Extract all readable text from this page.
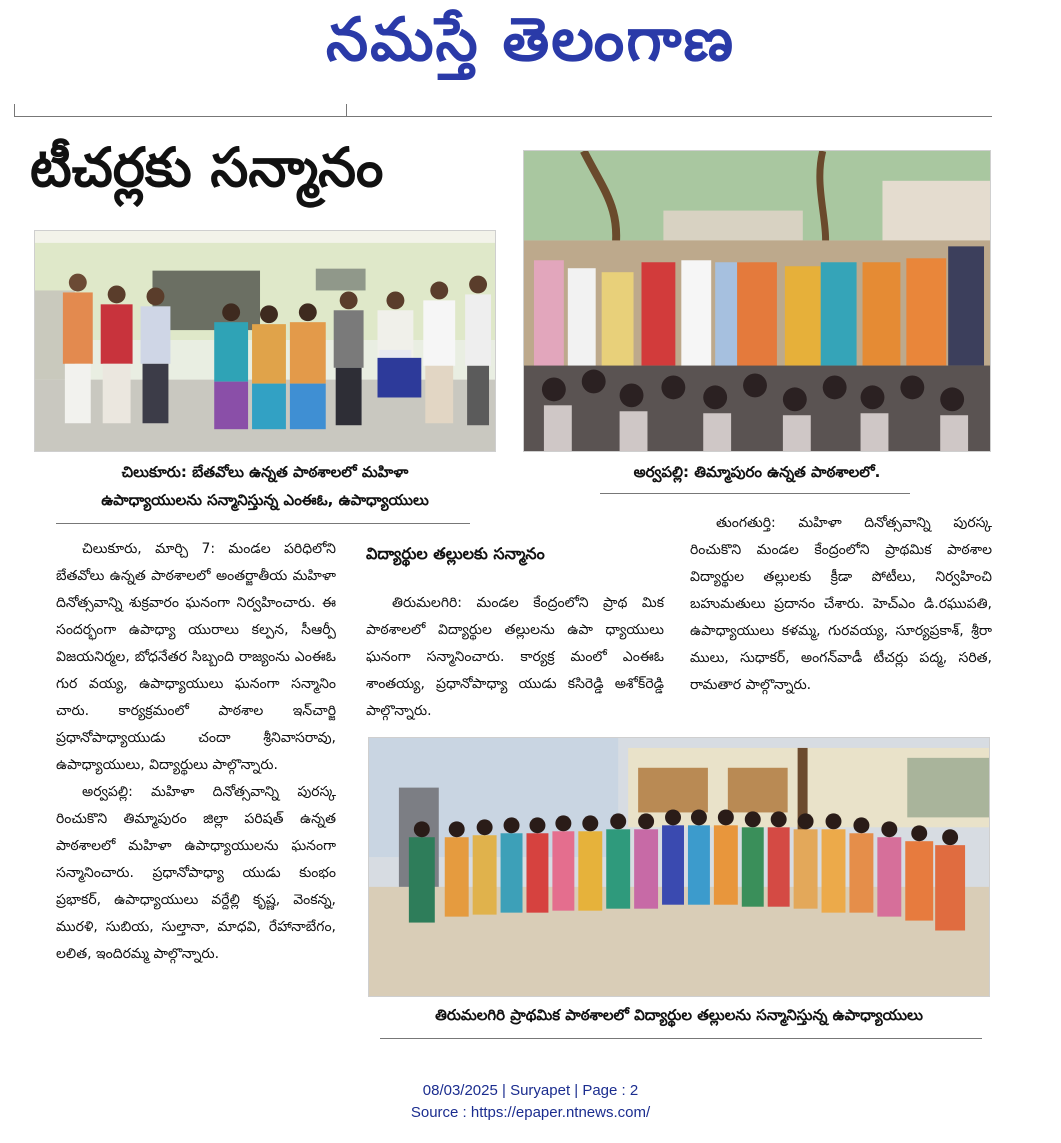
నమస్తే తెలంగాణ
టీచర్లకు సన్మానం
చిలుకూరు: బేతవోలు ఉన్నత పాఠశాలలో మహిళా
ఉపాధ్యాయులను సన్మానిస్తున్న ఎంఈఓ, ఉపాధ్యాయులు
అర్వపల్లి: తిమ్మాపురం ఉన్నత పాఠశాలలో.

చిలుకూరు, మార్చి 7: మండల పరిధిలోని బేతవోలు ఉన్నత పాఠశాలలో అంతర్జాతీయ మహిళా దినోత్సవాన్ని శుక్రవారం ఘనంగా నిర్వహించారు. ఈ సందర్భంగా ఉపాధ్యా యురాలు కల్పన, సీఆర్పీ విజయనిర్మల, బోధనేతర సిబ్బంది రాజ్యంను ఎంఈఓ గుర వయ్య, ఉపాధ్యాయులు ఘనంగా సన్మానిం చారు. కార్యక్రమంలో పాఠశాల ఇన్‌చార్జి ప్రధానోపాధ్యాయుడు చందా శ్రీనివాసరావు, ఉపాధ్యాయులు, విద్యార్థులు పాల్గొన్నారు.

అర్వపల్లి: మహిళా దినోత్సవాన్ని పురస్క రించుకొని తిమ్మాపురం జిల్లా పరిషత్ ఉన్నత పాఠశాలలో మహిళా ఉపాధ్యాయులను ఘనంగా సన్మానించారు. ప్రధానోపాధ్యా యుడు కుంభం ప్రభాకర్, ఉపాధ్యాయులు వర్దేల్లి కృష్ణ, వెంకన్న, మురళి, సుబియ, సుల్తానా, మాధవి, రేహానాబేగం, లలిత, ఇందిరమ్మ పాల్గొన్నారు.

విద్యార్థుల తల్లులకు సన్మానం

తిరుమలగిరి: మండల కేంద్రంలోని ప్రాథ మిక పాఠశాలలో విద్యార్థుల తల్లులను ఉపా ధ్యాయులు ఘనంగా సన్మానించారు. కార్యక్ర మంలో ఎంఈఓ శాంతయ్య, ప్రధానోపాధ్యా యుడు కసిరెడ్డి అశోక్‌రెడ్డి పాల్గొన్నారు.

తుంగతుర్తి: మహిళా దినోత్సవాన్ని పురస్క రించుకొని మండల కేంద్రంలోని ప్రాథమిక పాఠశాల విద్యార్థుల తల్లులకు క్రీడా పోటీలు, నిర్వహించి బహుమతులు ప్రదానం చేశారు. హెచ్‌ఎం డి.రఘుపతి, ఉపాధ్యాయులు కళమ్మ, గురవయ్య, సూర్యప్రకాశ్, శ్రీరా ములు, సుధాకర్, అంగన్‌వాడీ టీచర్లు పద్మ, సరిత, రామతార పాల్గొన్నారు.

తిరుమలగిరి ప్రాథమిక పాఠశాలలో విద్యార్థుల తల్లులను సన్మానిస్తున్న ఉపాధ్యాయులు
08/03/2025 | Suryapet | Page : 2
Source : https://epaper.ntnews.com/
